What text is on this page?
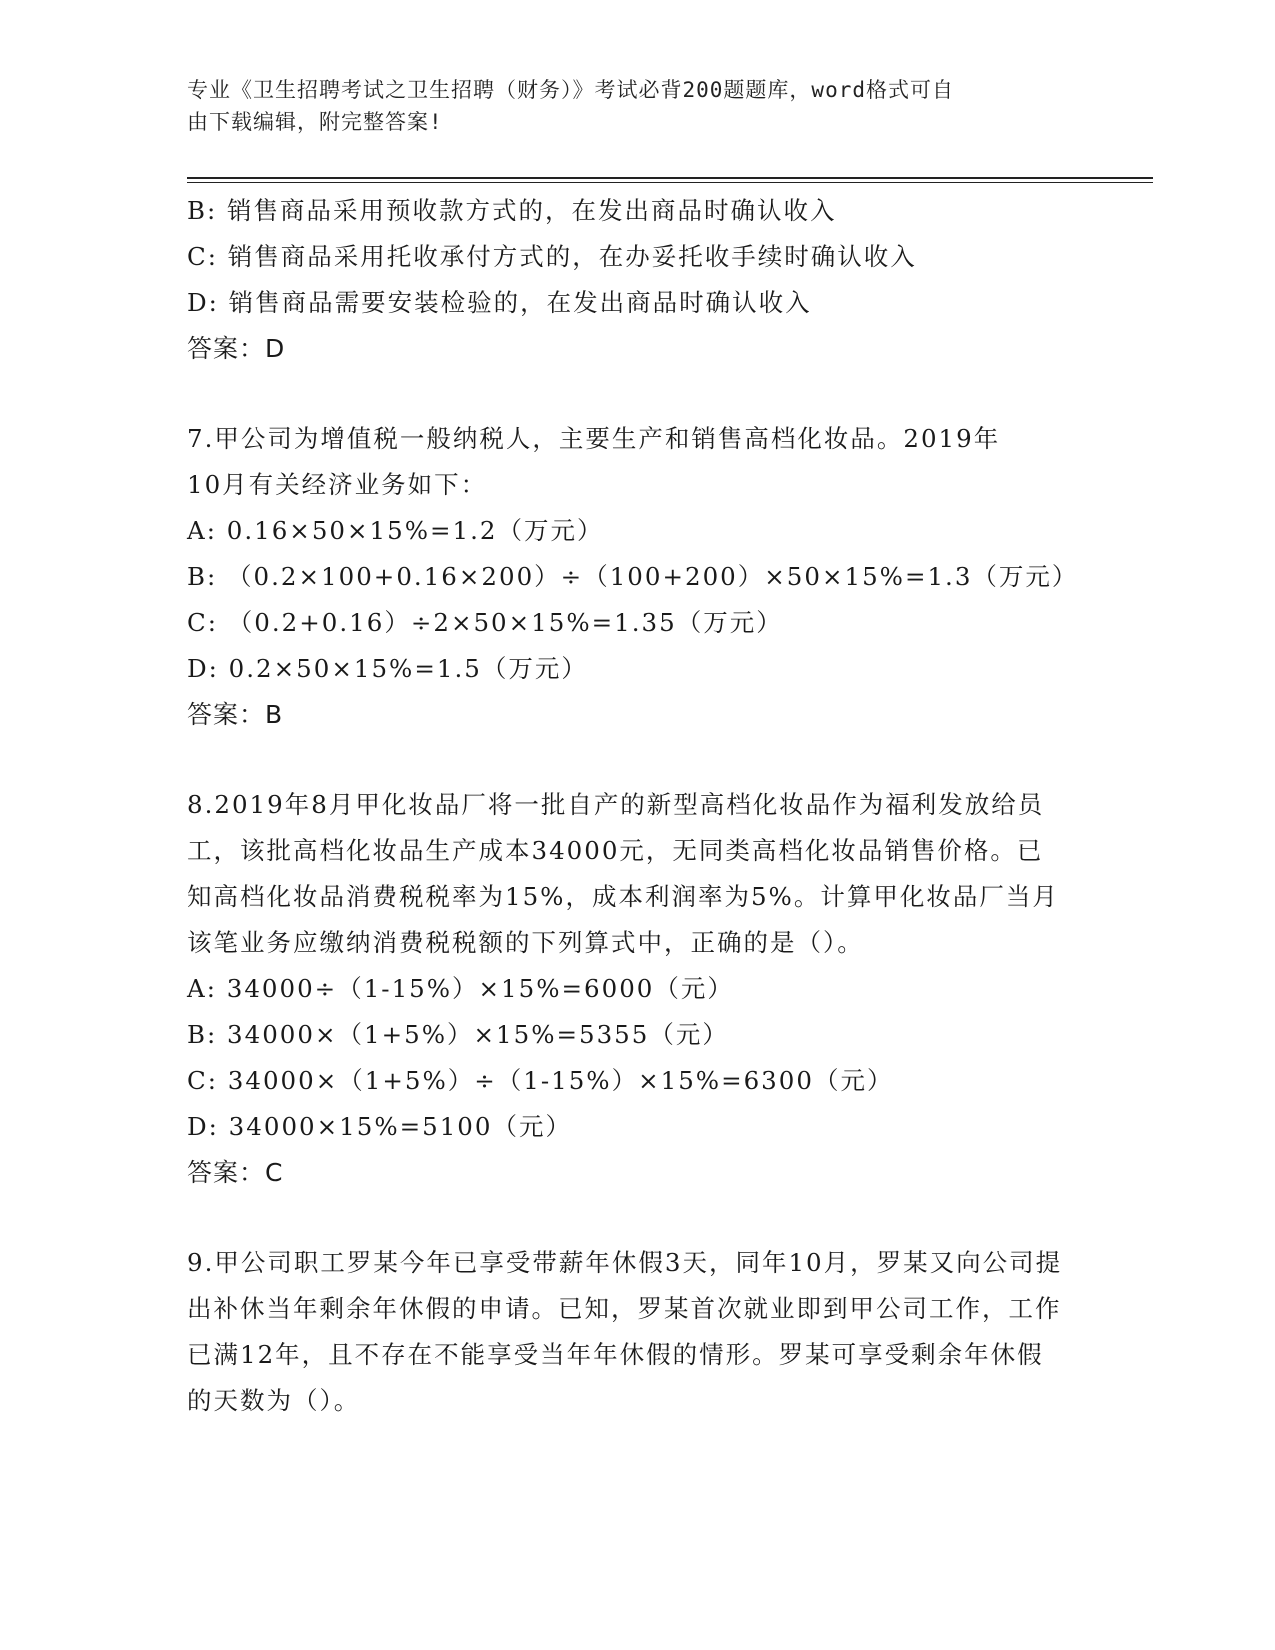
专业《卫生招聘考试之卫生招聘（财务）》考试必背200题题库，word格式可自
由下载编辑，附完整答案!
B: 销售商品采用预收款方式的，在发出商品时确认收入
C: 销售商品采用托收承付方式的，在办妥托收手续时确认收入
D: 销售商品需要安装检验的，在发出商品时确认收入
答案：D
7.甲公司为增值税一般纳税人，主要生产和销售高档化妆品。2019年
10月有关经济业务如下：
A: 0.16×50×15%=1.2（万元）
B: （0.2×100+0.16×200）÷（100+200）×50×15%=1.3（万元）
C: （0.2+0.16）÷2×50×15%=1.35（万元）
D: 0.2×50×15%=1.5（万元）
答案：B
8.2019年8月甲化妆品厂将一批自产的新型高档化妆品作为福利发放给员工，该批高档化妆品生产成本34000元，无同类高档化妆品销售价格。已知高档化妆品消费税税率为15%，成本利润率为5%。计算甲化妆品厂当月该笔业务应缴纳消费税税额的下列算式中，正确的是（）。
A: 34000÷（1-15%）×15%=6000（元）
B: 34000×（1+5%）×15%=5355（元）
C: 34000×（1+5%）÷（1-15%）×15%=6300（元）
D: 34000×15%=5100（元）
答案：C
9.甲公司职工罗某今年已享受带薪年休假3天，同年10月，罗某又向公司提出补休当年剩余年休假的申请。已知，罗某首次就业即到甲公司工作，工作已满12年，且不存在不能享受当年年休假的情形。罗某可享受剩余年休假的天数为（）。
